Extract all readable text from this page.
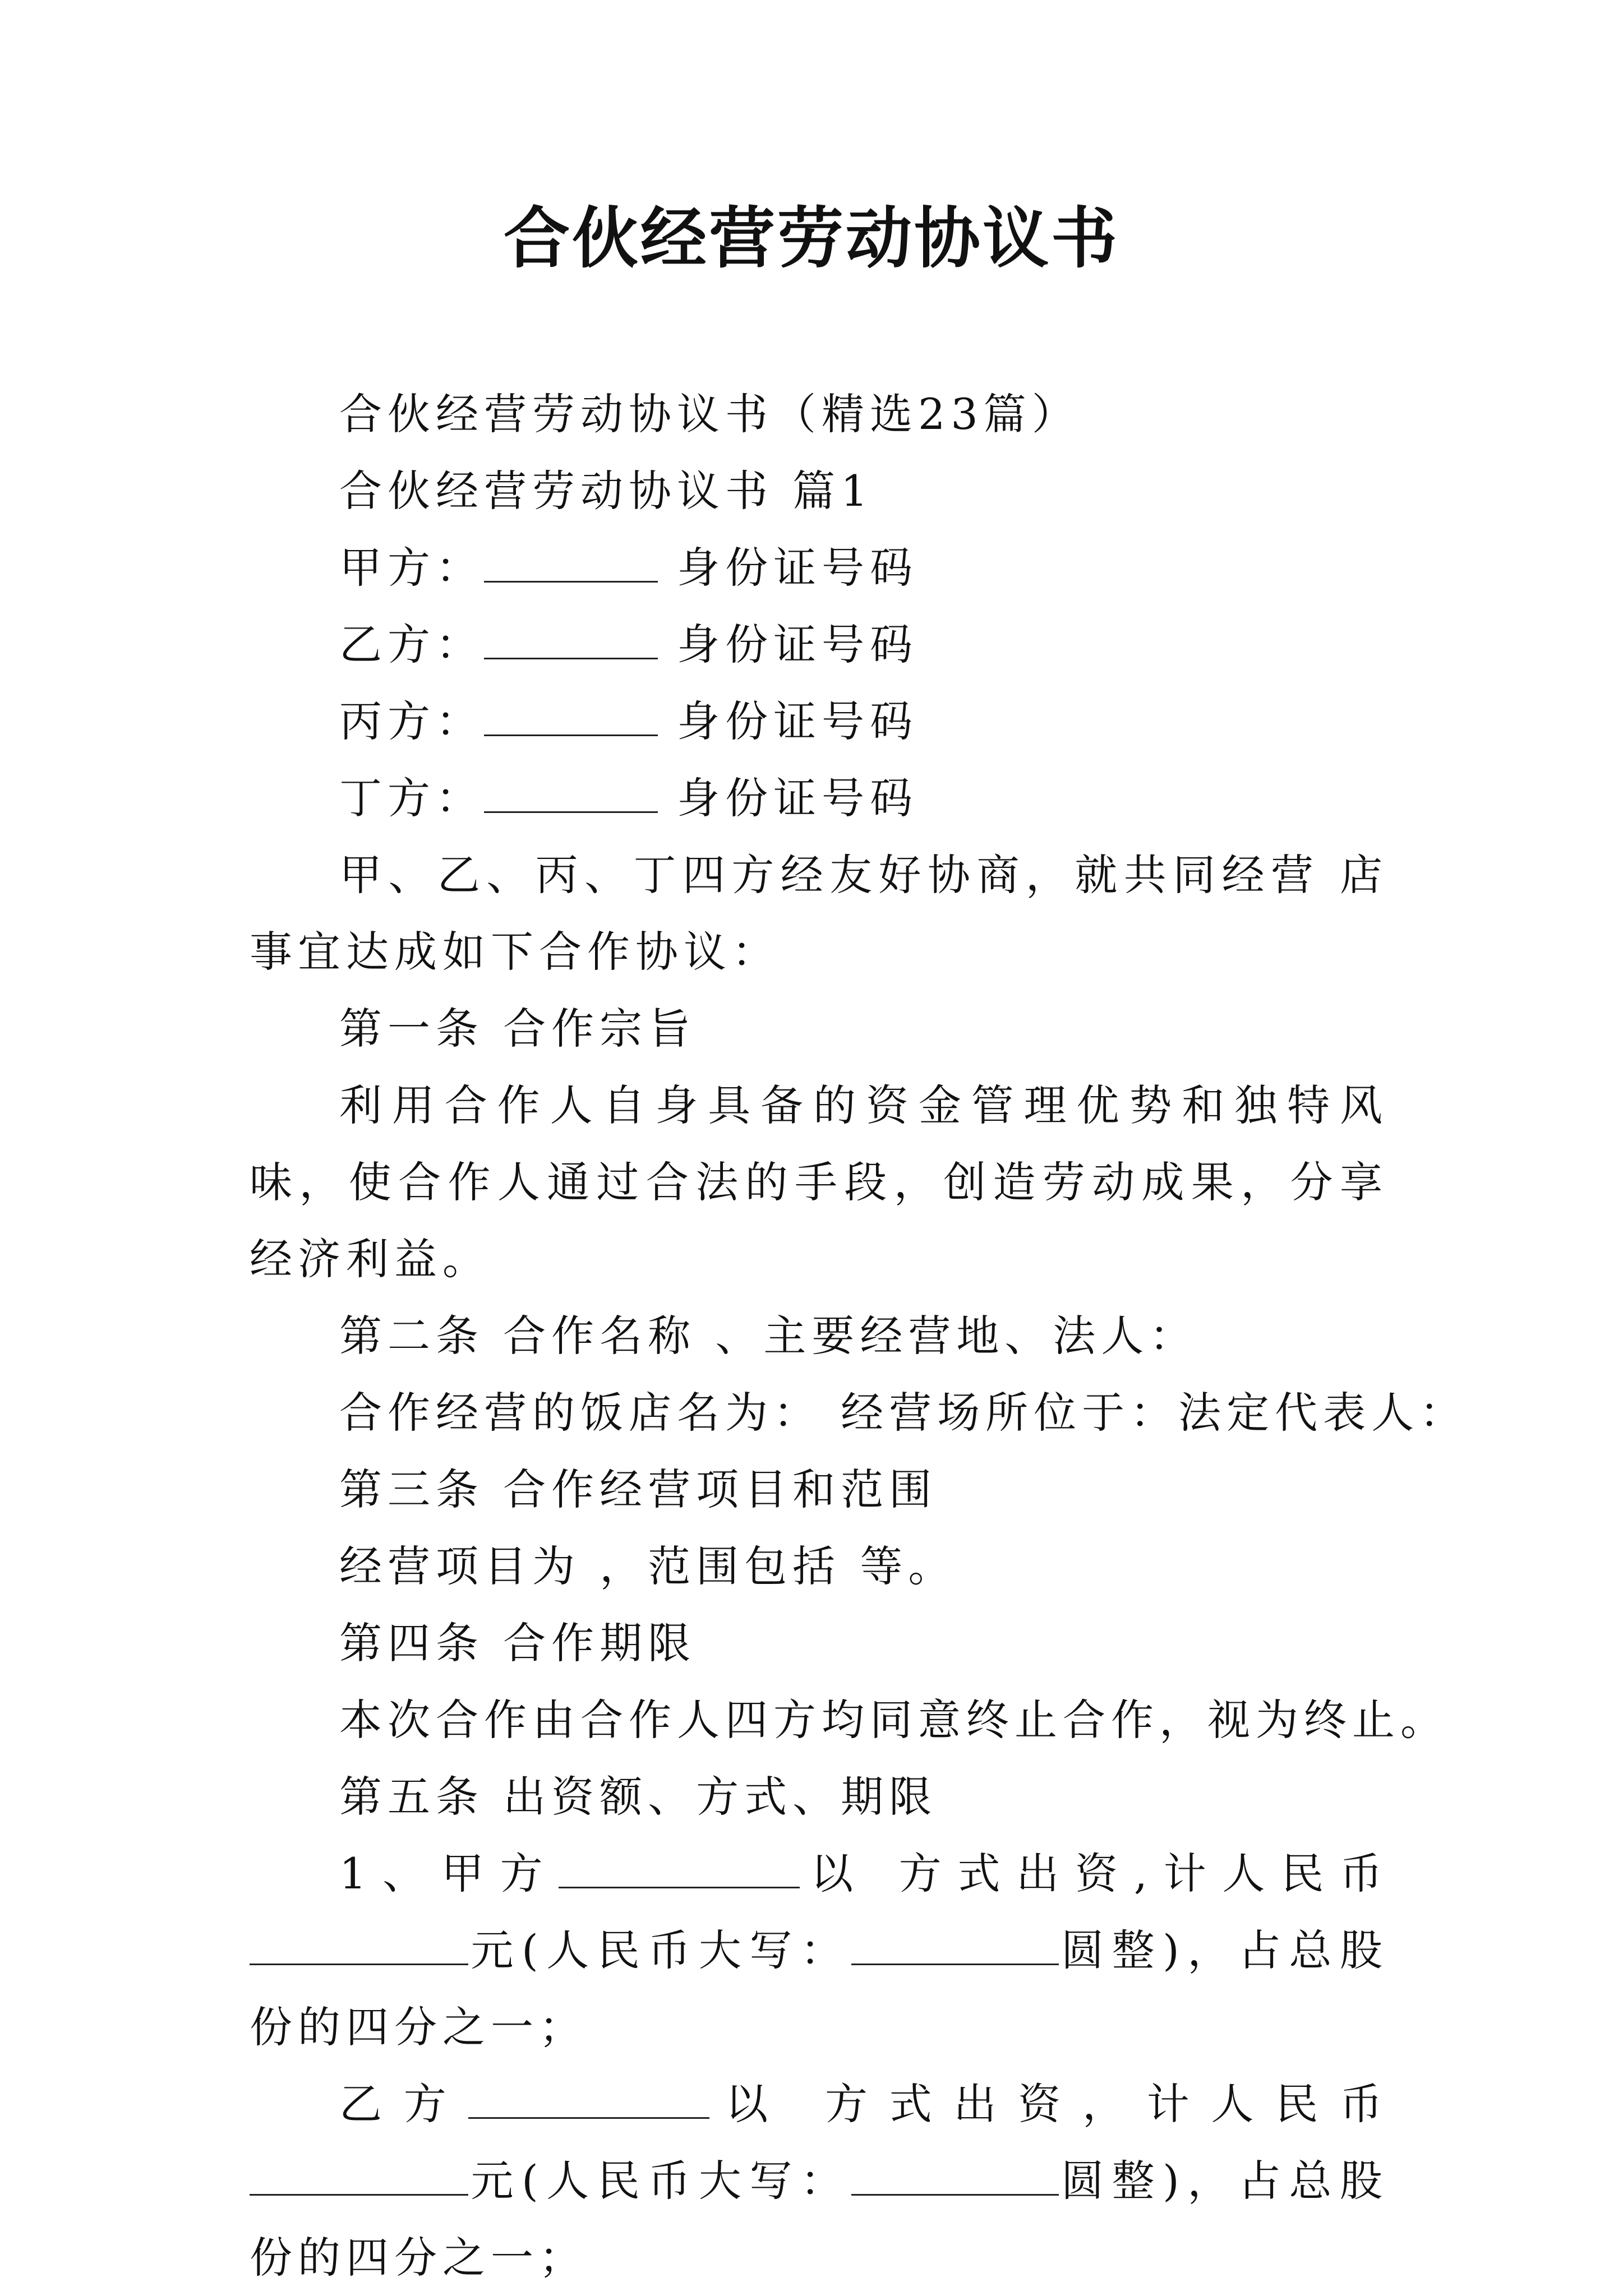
合伙经营劳动协议书

合伙经营劳动协议书（精选23篇）

合伙经营劳动协议书 篇1

甲方：	身份证号码

乙方：	身份证号码

丙方：	身份证号码

丁方：	身份证号码

甲、乙、丙、丁四方经友好协商，就共同经营 店事宜达成如下合作协议：

第一条 合作宗旨

利用合作人自身具备的资金管理优势和独特风味，使合作人通过合法的手段，创造劳动成果，分享经济利益。

第二条 合作名称 、主要经营地、法人：

合作经营的饭店名为： 经营场所位于：法定代表人：

第三条 合作经营项目和范围

经营项目为 ，范围包括 等。

第四条 合作期限

本次合作由合作人四方均同意终止合作，视为终止。

第五条 出资额、方式、期限

1、甲方	以 方式出资,计人民币元(人民币大写：	圆整)，占总股份的四分之一；

乙方	以 方式出资，计人民币元(人民币大写：	圆整)，占总股份的四分之一；
